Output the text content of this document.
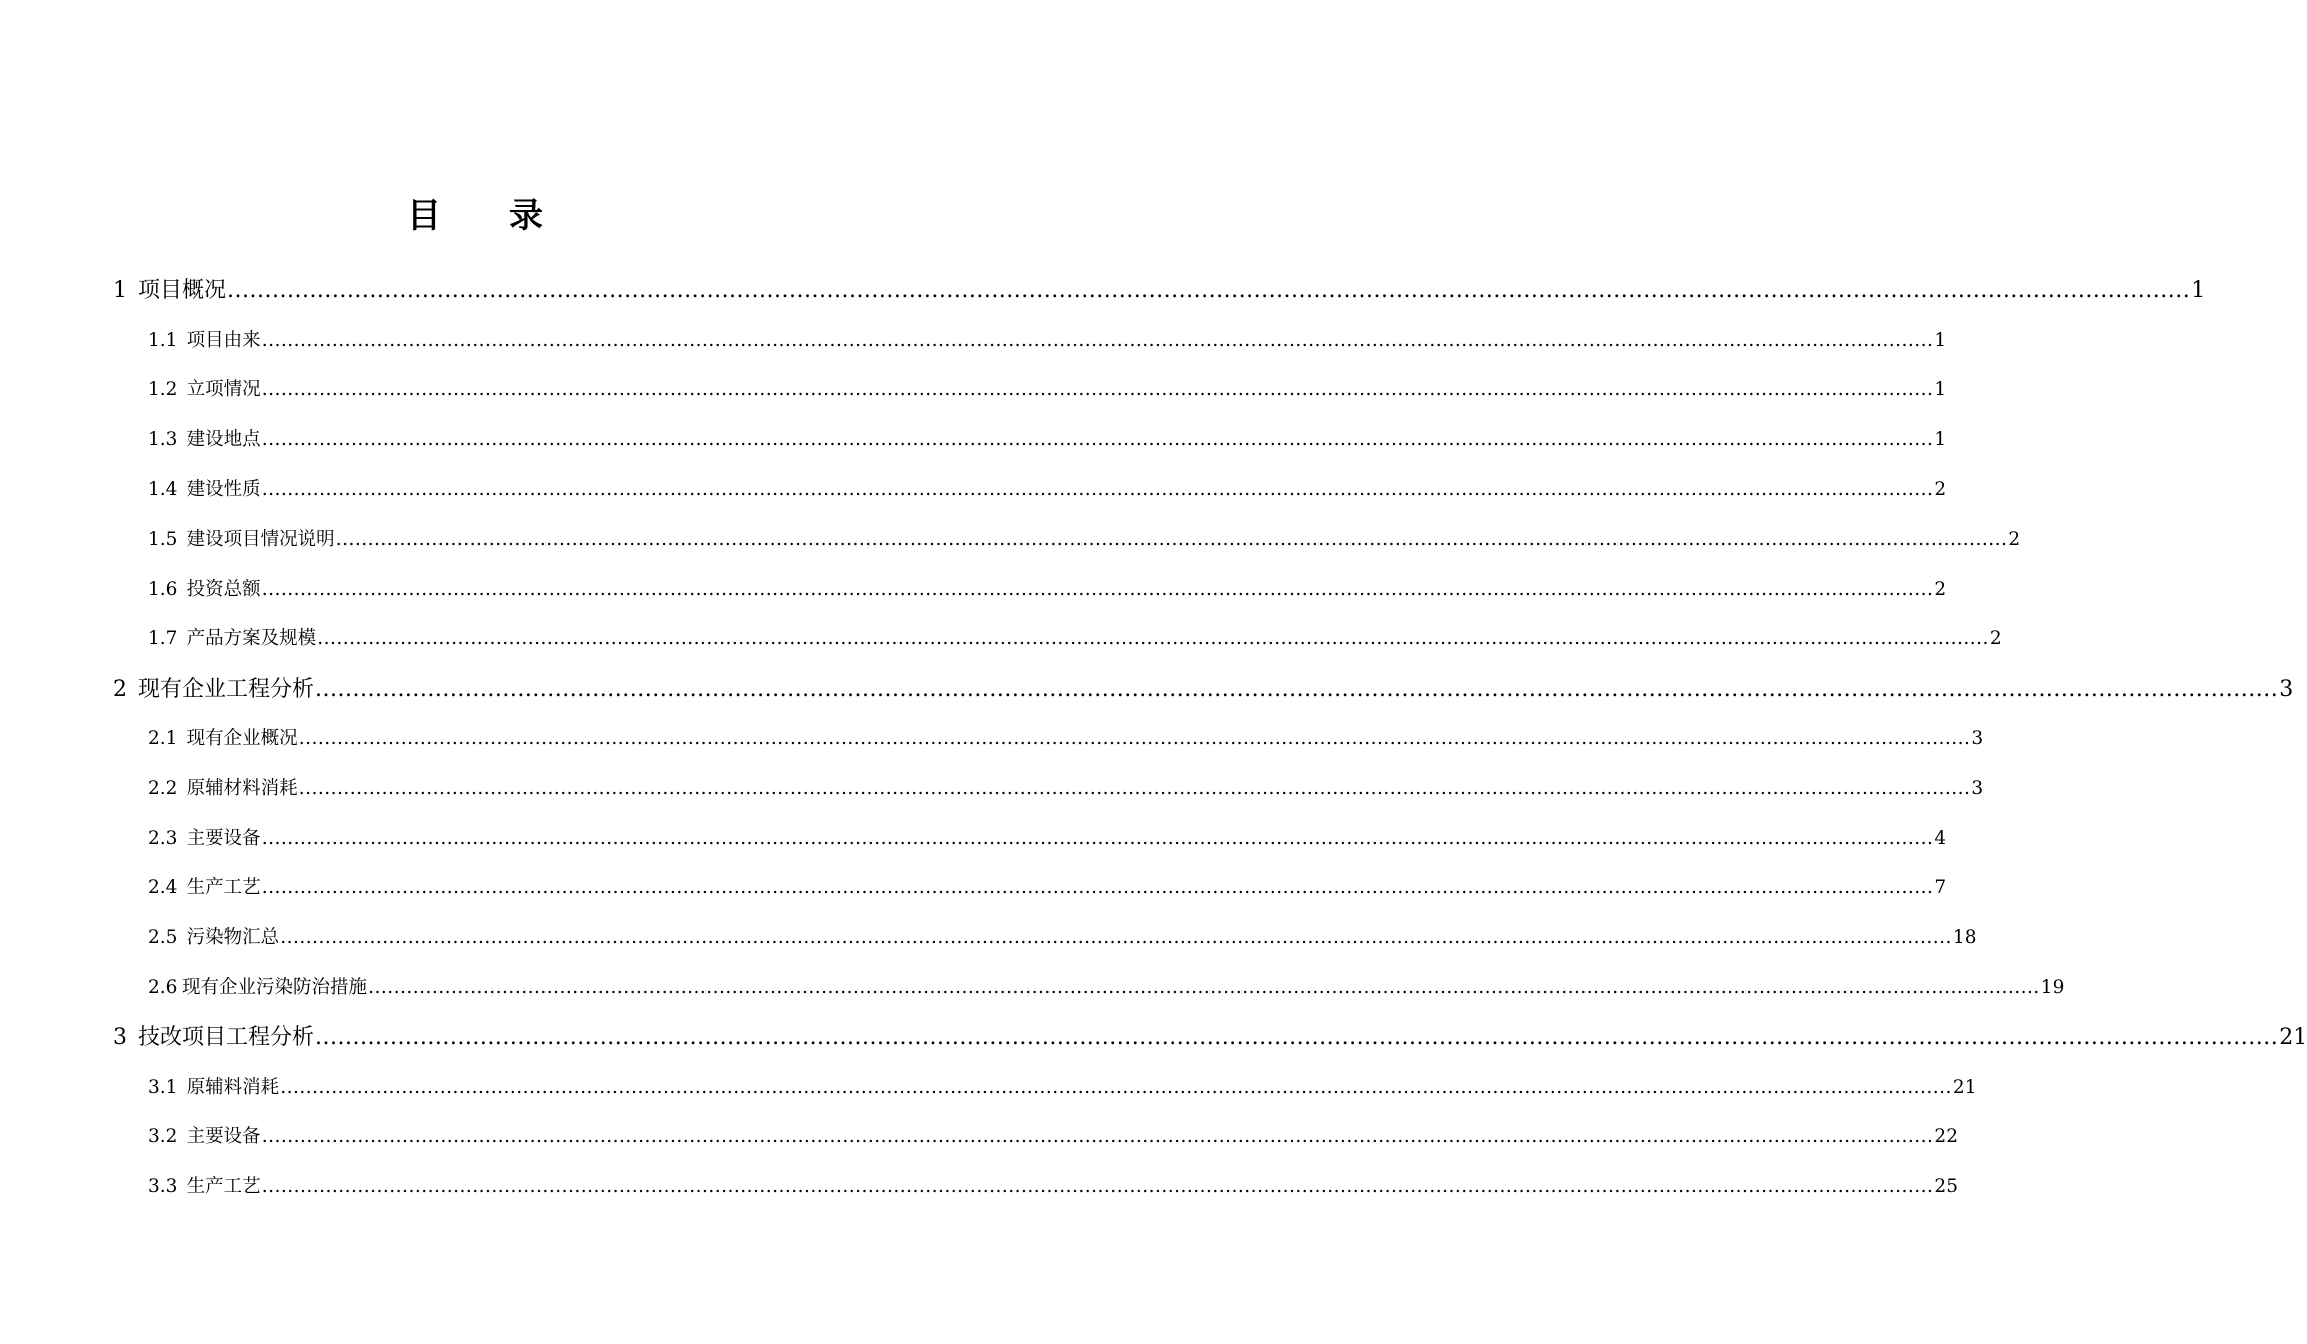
目录
1 项目概况 .....	1
1.1 项目由来 .....	1
1.2 立项情况 .....	1
1.3 建设地点 .....	1
1.4 建设性质 .....	2
1.5 建设项目情况说明 .....	2
1.6 投资总额 .....	2
1.7 产品方案及规模 .....	2
2 现有企业工程分析 .....	3
2.1 现有企业概况 .....	3
2.2 原辅材料消耗 .....	3
2.3 主要设备 .....	4
2.4 生产工艺 .....	7
2.5 污染物汇总 .....	18
2.6 现有企业污染防治措施 .....	19
3 技改项目工程分析 .....	21
3.1 原辅料消耗 .....	21
3.2 主要设备 .....	22
3.3 生产工艺 .....	25
